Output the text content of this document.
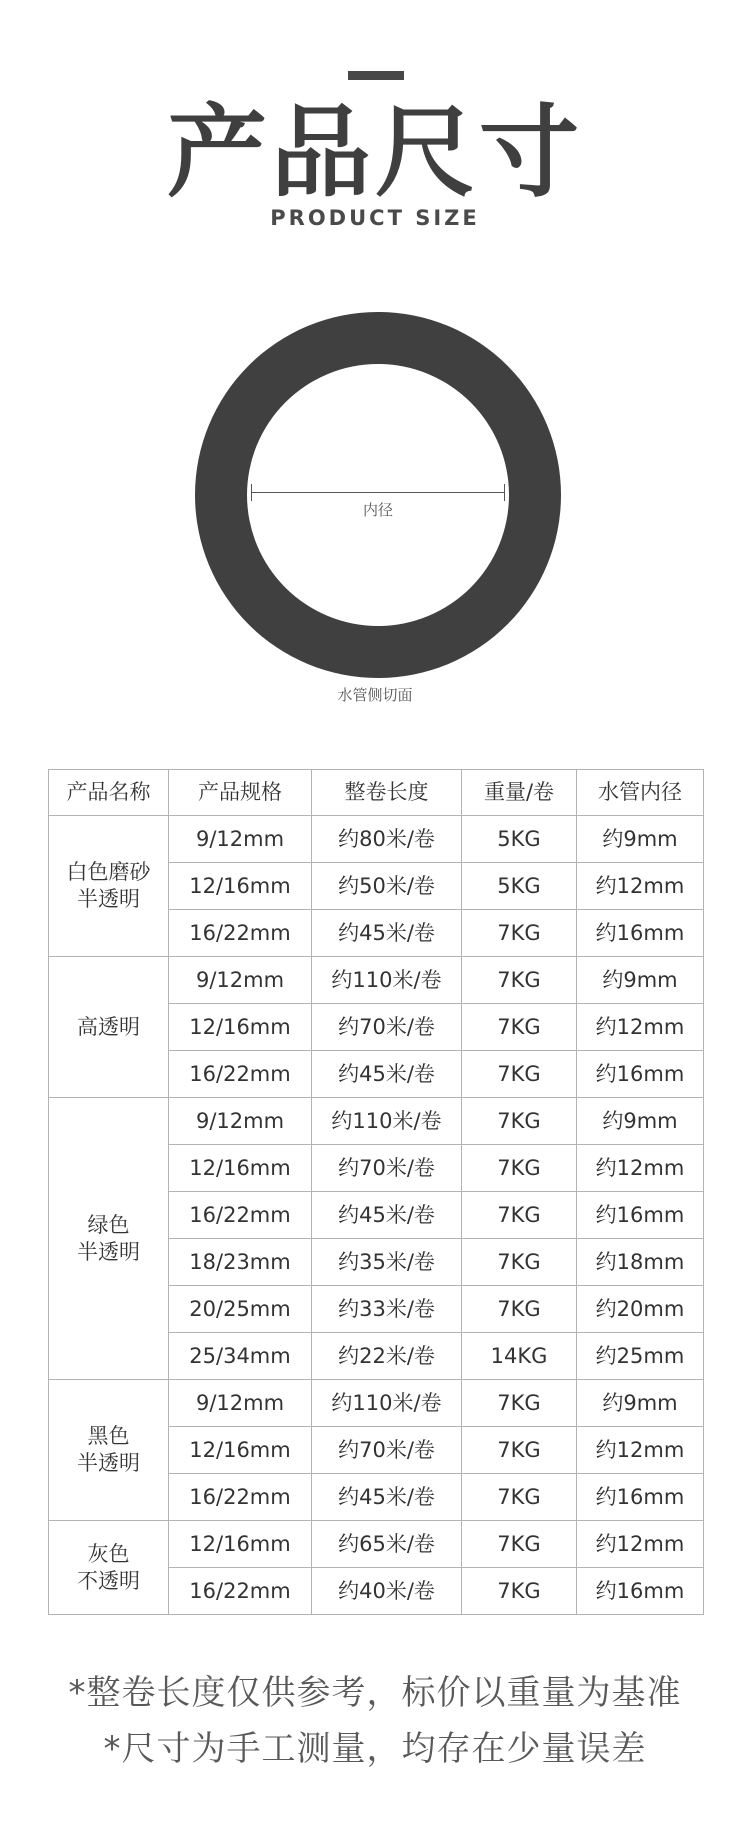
产品尺寸
PRODUCT SIZE
内径
水管侧切面
产品名称	产品规格	整卷长度	重量/卷	水管内径

白色磨砂
半透明	9/12mm	约80米/卷	5KG	约9mm
	12/16mm	约50米/卷	5KG	约12mm
	16/22mm	约45米/卷	7KG	约16mm

高透明	9/12mm	约110米/卷	7KG	约9mm
	12/16mm	约70米/卷	7KG	约12mm
	16/22mm	约45米/卷	7KG	约16mm

绿色
半透明	9/12mm	约110米/卷	7KG	约9mm
	12/16mm	约70米/卷	7KG	约12mm
	16/22mm	约45米/卷	7KG	约16mm
	18/23mm	约35米/卷	7KG	约18mm
	20/25mm	约33米/卷	7KG	约20mm
	25/34mm	约22米/卷	14KG	约25mm

黑色
半透明	9/12mm	约110米/卷	7KG	约9mm
	12/16mm	约70米/卷	7KG	约12mm
	16/22mm	约45米/卷	7KG	约16mm

灰色
不透明	12/16mm	约65米/卷	7KG	约12mm
	16/22mm	约40米/卷	7KG	约16mm
*整卷长度仅供参考，标价以重量为基准
*尺寸为手工测量，均存在少量误差
